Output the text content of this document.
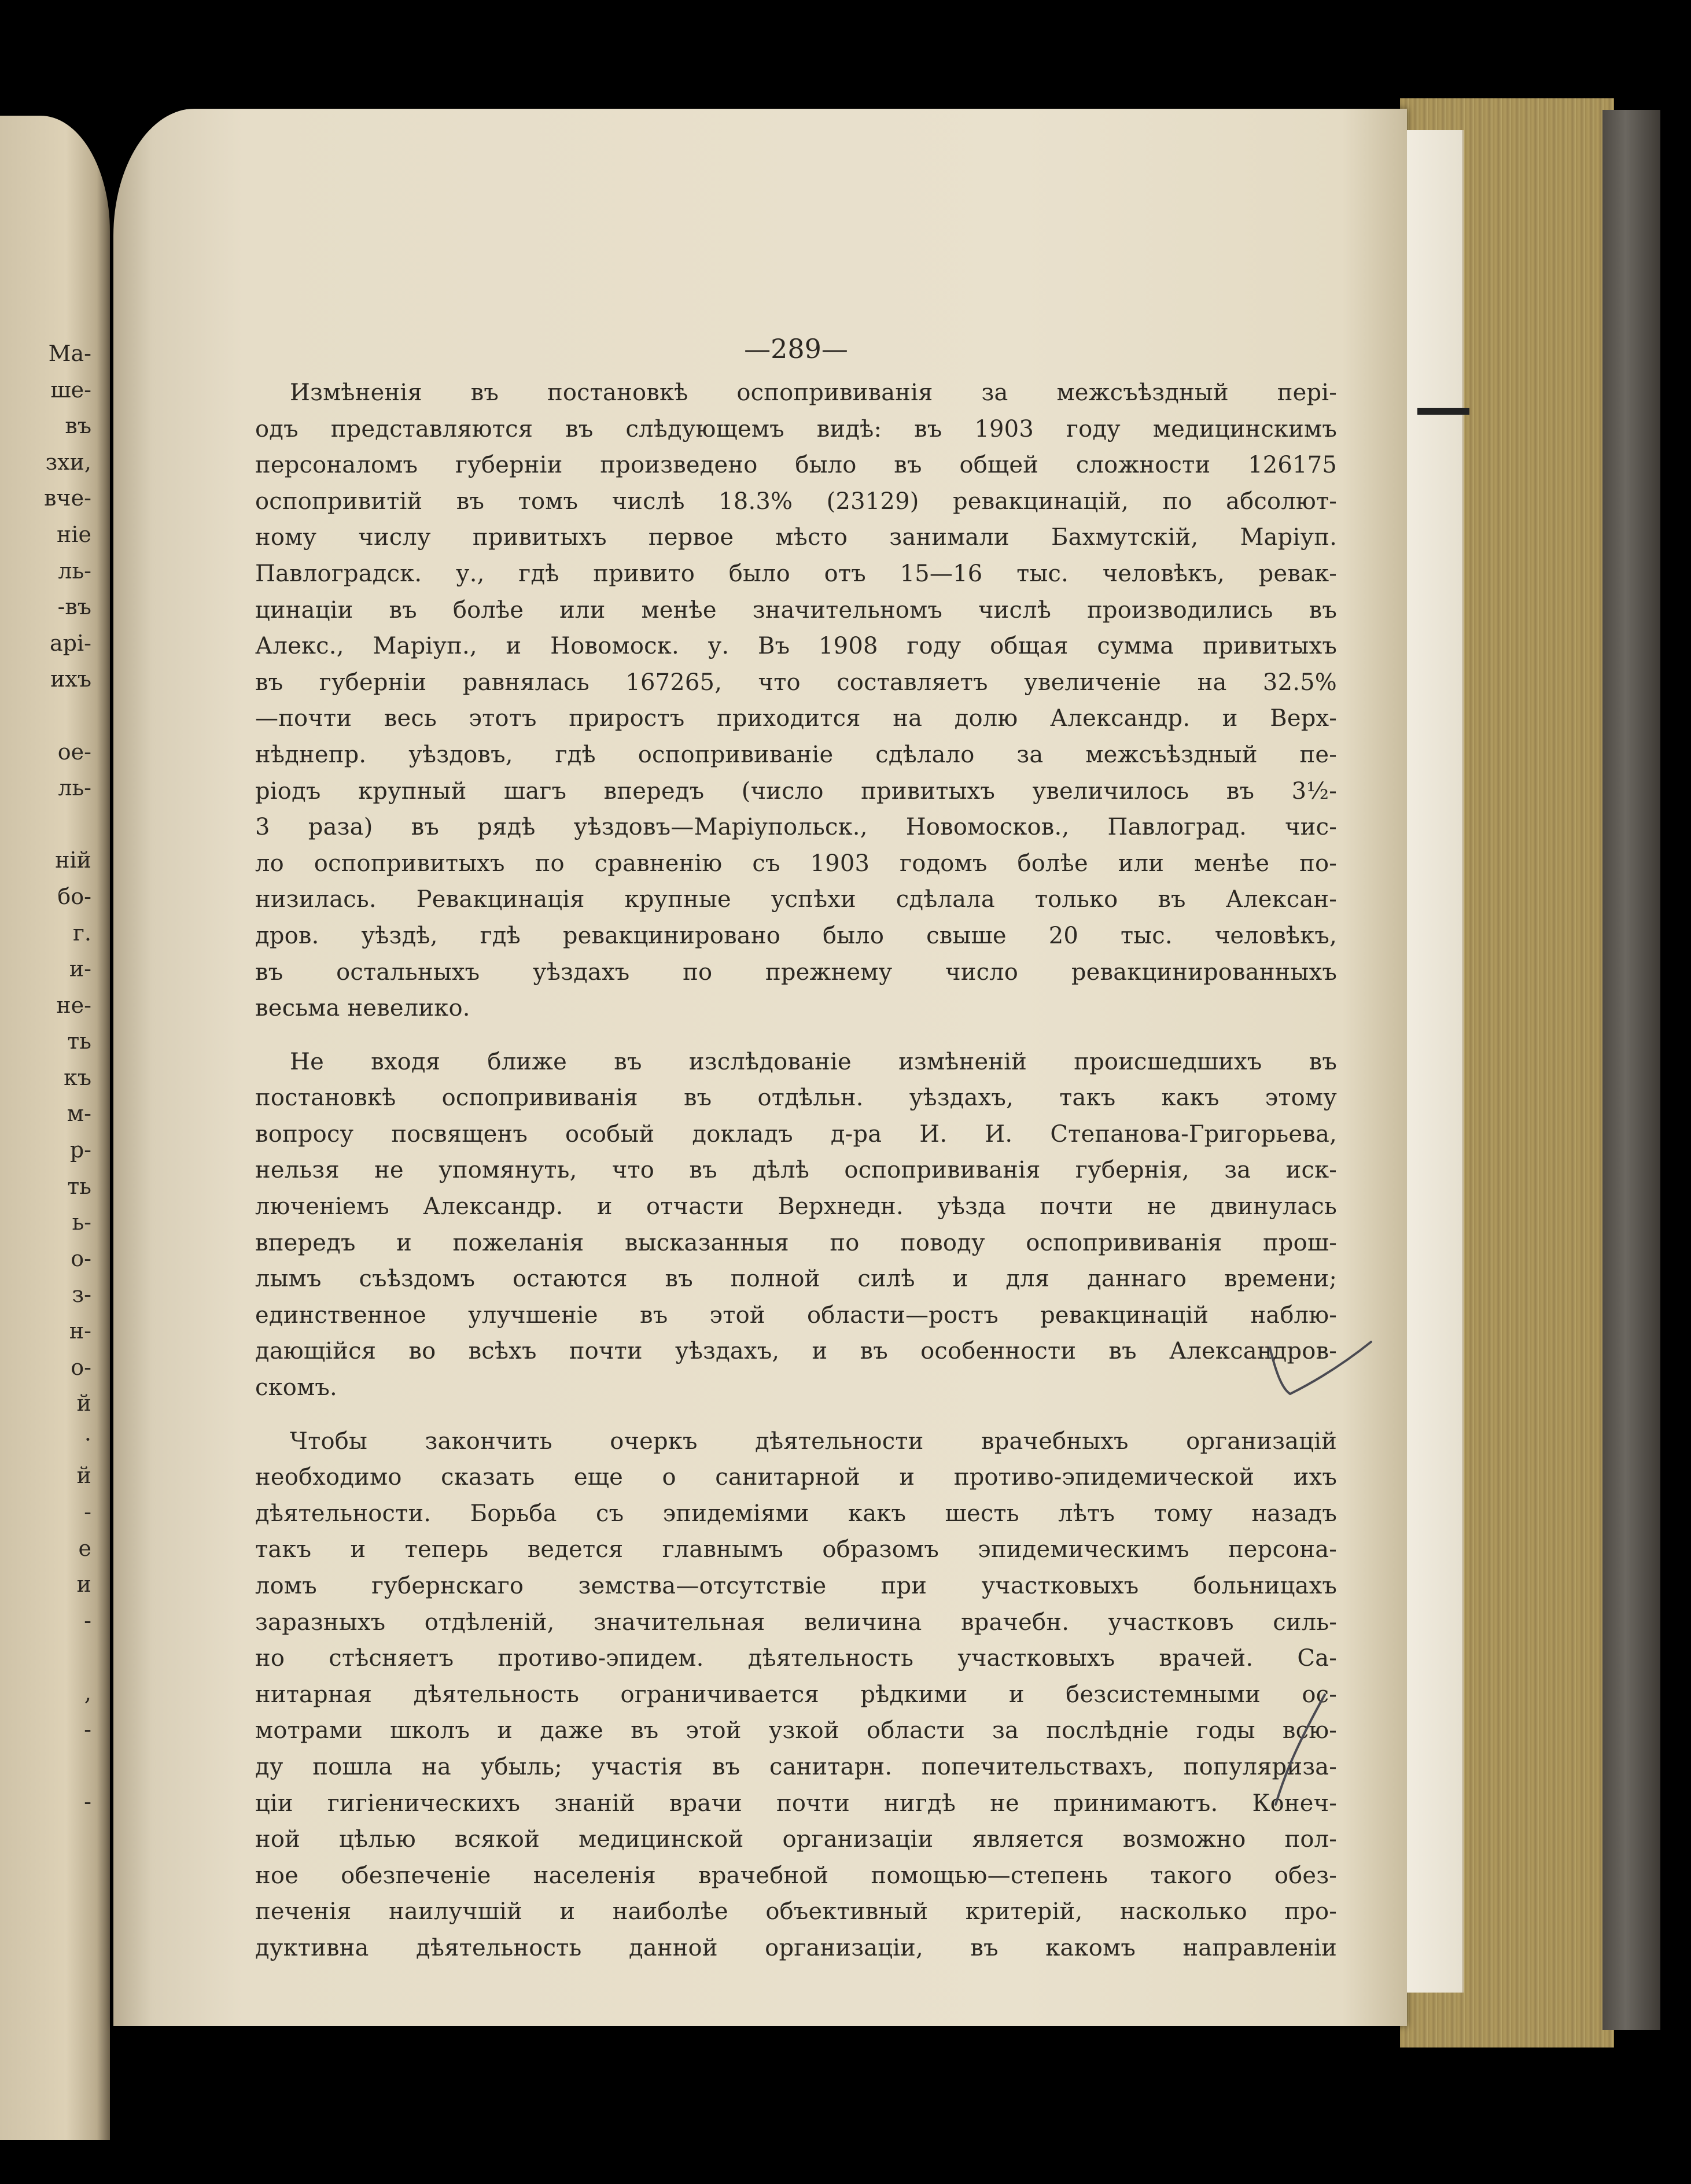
Ма-
ше-
въ
зхи,
вче-
ніе
ль-
-въ
арі-
ихъ
ое-
ль-
ній
бо-
г.
и-
не-
ть
къ
м-
р-
ть
ь-
о-
з-
н-
о-
й
·
й
-
е
и
-
,
-
-
—289—
Измѣненія въ постановкѣ оспопрививанія за межсъѣздный пері-
одъ представляются въ слѣдующемъ видѣ: въ 1903 году медицинскимъ
персоналомъ губерніи произведено было въ общей сложности 126175
оспопривитій въ томъ числѣ 18.3% (23129) ревакцинацій, по абсолют-
ному числу привитыхъ первое мѣсто занимали Бахмутскій, Маріуп.
Павлоградск. у., гдѣ привито было отъ 15—16 тыс. человѣкъ, ревак-
цинаціи въ болѣе или менѣе значительномъ числѣ производились въ
Алекс., Маріуп., и Новомоск. у. Въ 1908 году общая сумма привитыхъ
въ губерніи равнялась 167265, что составляетъ увеличеніе на 32.5%
—почти весь этотъ приростъ приходится на долю Александр. и Верх-
нѣднепр. уѣздовъ, гдѣ оспопрививаніе сдѣлало за межсъѣздный пе-
ріодъ крупный шагъ впередъ (число привитыхъ увеличилось въ 3½-
3 раза) въ рядѣ уѣздовъ—Маріупольск., Новомосков., Павлоград. чис-
ло оспопривитыхъ по сравненію съ 1903 годомъ болѣе или менѣе по-
низилась. Ревакцинація крупные успѣхи сдѣлала только въ Алексан-
дров. уѣздѣ, гдѣ ревакцинировано было свыше 20 тыс. человѣкъ,
въ остальныхъ уѣздахъ по прежнему число ревакцинированныхъ
весьма невелико.
Не входя ближе въ изслѣдованіе измѣненій происшедшихъ въ
постановкѣ оспопрививанія въ отдѣльн. уѣздахъ, такъ какъ этому
вопросу посвященъ особый докладъ д-ра И. И. Степанова-Григорьева,
нельзя не упомянуть, что въ дѣлѣ оспопрививанія губернія, за иск-
люченіемъ Александр. и отчасти Верхнедн. уѣзда почти не двинулась
впередъ и пожеланія высказанныя по поводу оспопрививанія прош-
лымъ съѣздомъ остаются въ полной силѣ и для даннаго времени;
единственное улучшеніе въ этой области—ростъ ревакцинацій наблю-
дающійся во всѣхъ почти уѣздахъ, и въ особенности въ Александров-
скомъ.
Чтобы закончить очеркъ дѣятельности врачебныхъ организацій
необходимо сказать еще о санитарной и противо-эпидемической ихъ
дѣятельности. Борьба съ эпидеміями какъ шесть лѣтъ тому назадъ
такъ и теперь ведется главнымъ образомъ эпидемическимъ персона-
ломъ губернскаго земства—отсутствіе при участковыхъ больницахъ
заразныхъ отдѣленій, значительная величина врачебн. участковъ силь-
но стѣсняетъ противо-эпидем. дѣятельность участковыхъ врачей. Са-
нитарная дѣятельность ограничивается рѣдкими и безсистемными ос-
мотрами школъ и даже въ этой узкой области за послѣдніе годы всю-
ду пошла на убыль; участія въ санитарн. попечительствахъ, популяриза-
ціи гигіеническихъ знаній врачи почти нигдѣ не принимаютъ. Конеч-
ной цѣлью всякой медицинской организаціи является возможно пол-
ное обезпеченіе населенія врачебной помощью—степень такого обез-
печенія наилучшій и наиболѣе объективный критерій, насколько про-
дуктивна дѣятельность данной организаціи, въ какомъ направленіи
